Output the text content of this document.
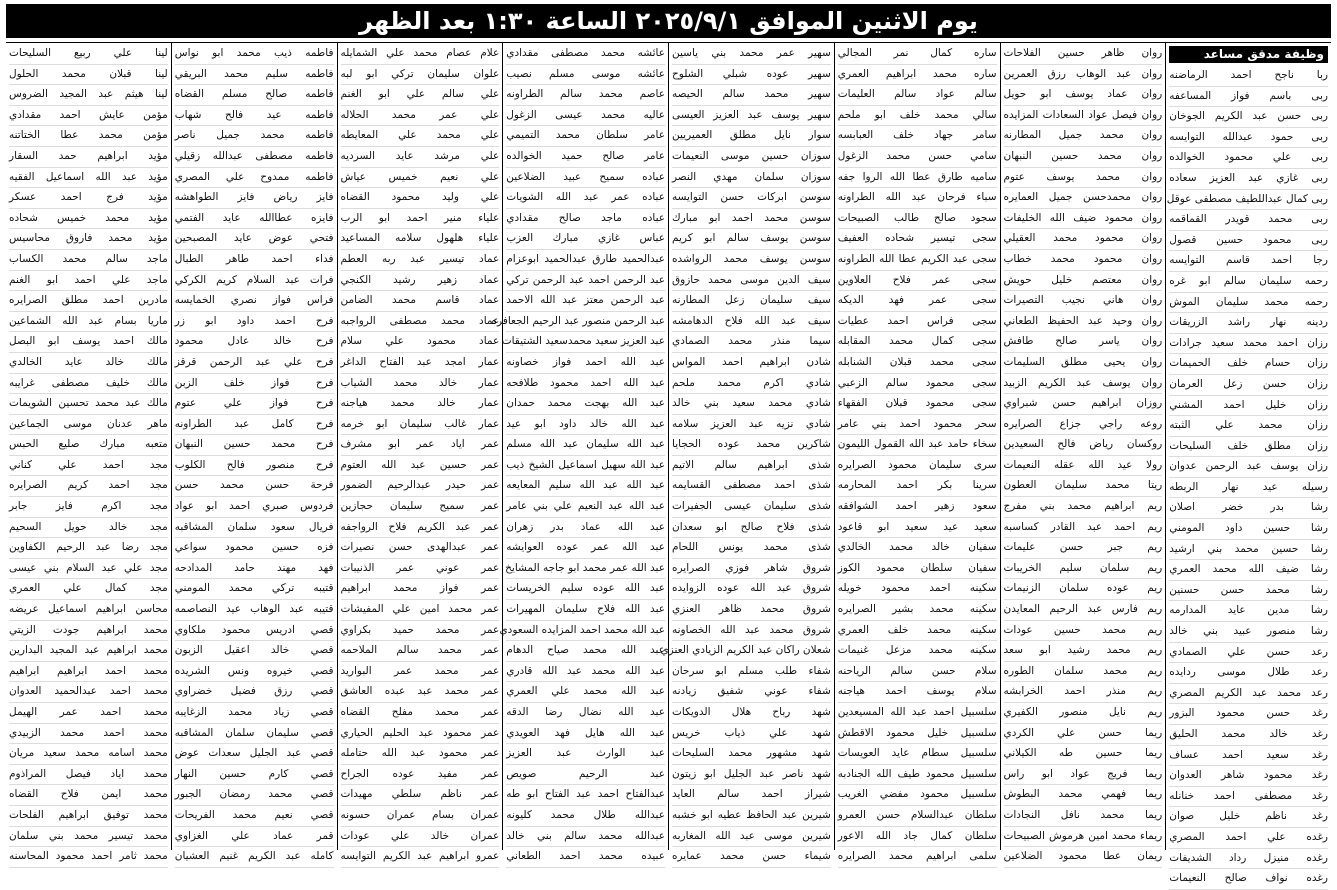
يوم الاثنين الموافق ٢٠٢٥/٩/١ الساعة ١:٣٠ بعد الظهر
وظيفة مدقق مساعد
ربا ناجح احمد الرماضنه
ربى باسم فواز المساعفه
ربى حسن عبد الكريم الجوخان
ربى حمود عبدالله التوايسه
ربى علي محمود الخوالده
ربى غازي عبد العزيز سعاده
ربى كمال عبداللطيف مصطفى عوقل
ربى محمد قويدر القماقمه
ربى محمود حسين قصول
رجا احمد قاسم التوايسه
رحمه سليمان سالم ابو غره
رحمه محمد سليمان الموش
ردينه نهار راشد الزريقات
رزان احمد محمد سعيد جرادات
رزان حسام خلف الحميمات
رزان حسن زعل العرمان
رزان خليل احمد المشني
رزان محمد علي الثبته
رزان مطلق خلف السليحات
رزان يوسف عبد الرحمن عدوان
رسيله عيد نهار الربطه
رشا بدر خضر اصلان
رشا حسين داود المومني
رشا حسين محمد بني ارشيد
رشا ضيف الله محمد العمري
رشا محمد حسن حسنين
رشا مدين عايد المدارمه
رشا منصور عبيد بني خالد
رعد حسن علي الصمادي
رعد طلال موسى ردايده
رعد محمد عبد الكريم المصري
رغد حسن محمود البزور
رغد خالد محمد الحليق
رغد سعيد احمد عساف
رغد محمود شاهر العدوان
رغد مصطفى احمد خنانله
رغد ناظم خليل صوان
رغده علي احمد المصري
رغده منيزل رداد الشديفات
رغده نواف صالح النعيمات
روان ظاهر حسين الفلاحات
روان عبد الوهاب رزق العمرين
روان عماد يوسف ابو حويل
روان فيصل عواد السعادات المزايده
روان محمد جميل المطارنه
روان محمد حسين النبهان
روان محمد يوسف عتوم
روان محمدحسن جميل العمايره
روان محمود ضيف الله الخليفات
روان محمود محمد العقيلي
روان محمود محمد خطاب
روان معتصم خليل حويش
روان هاني نجيب التصيرات
روان وحيد عبد الحفيظ الطعاني
روان ياسر صالح طافش
روان يحيى مطلق السليمات
روان يوسف عبد الكريم الزبيد
روزان ابراهيم حسن شبراوي
روعه راجي جزاع الصرايره
روكسان رياض فالح السعيدين
رولا عيد الله عقله النعيمات
ريتا محمد سليمان العطون
ريم ابراهيم محمد بني مفرج
ريم احمد عبد القادر كساسبه
ريم جبر حسن عليمات
ريم سلمان سليم الخريبات
ريم عوده سلمان الزنيمات
ريم فارس عبد الرحيم المعايدن
ريم محمد حسين عودات
ريم محمد رشيد ابو سعد
ريم محمد سلمان الطوره
ريم منذر احمد الخرابشه
ريم نايل منصور الكفيري
ريما حسن علي الكردي
ريما حسين طه الكيلاني
ريما فريج عواد ابو راس
ريما فهمي محمد البطوش
ريما محمد نافل النجادات
ريماء محمد امين هرموش الصبيحات
ريمان عطا محمود الضلاعين
ساره كمال نمر المجالي
ساره محمد ابراهيم العمري
سالم عواد سالم العليمات
سالي محمد خلف ابو ملحم
سامر جهاد خلف العبابسه
سامي حسن محمد الزغول
ساميه طارق عطا الله الروا جفه
سباء فرحان عبد الله الطراونه
سجود صالح طالب الصبيحات
سجى تيسير شحاده العفيف
سجى عبد الكريم عطا الله الطراونه
سجى عمر فلاح العلاوين
سجى عمر فهد الديكه
سجى فراس احمد عطيات
سجى كمال محمد المقابله
سجى محمد قبلان الشنابله
سجى محمود سالم الزعبي
سجى محمود قبلان الفقهاء
سحر محمود احمد بني عامر
سخاء حامد عبد الله القمول الليمون
سرى سليمان محمود الصرايره
سرينا بكر احمد المحارمه
سعود زهير احمد الشوافقه
سعيد عيد سعيد ابو قاعود
سفيان خالد محمد الخالدي
سفيان سلطان محمود الكوز
سكينه احمد محمود خويله
سكينه محمد بشير الصرايره
سكينه محمد خلف العمري
سكينه محمد مزعل غنيمات
سلام حسن سالم الرياحنه
سلام يوسف احمد هياجنه
سلسبيل احمد عبد الله المسيعدين
سلسبيل خليل محمود الاقطش
سلسبيل سطام عايد العويسات
سلسبيل محمود طيف الله الجنادبه
سلسبيل محمود مفضي الغريب
سلطان عبدالسلام حسن العمرو
سلطان كمال جاد الله الاعور
سلمى ابراهيم محمد الصرايره
سهير عمر محمد بني ياسين
سهير عوده شبلي الشلوح
سهير محمد سالم الحيصه
سهير يوسف عبد العزيز العيسى
سوار نايل مطلق العميريين
سوزان حسين موسى النعيمات
سوزان سلمان مهدي النصر
سوسن ابركات حسن التوايسه
سوسن محمد احمد ابو مبارك
سوسن يوسف سالم ابو كريم
سوسن يوسف محمد الرواشده
سيف الدين موسى محمد حازوق
سيف سليمان زعل المطارنه
سيف عبد الله فلاح الدهامشه
سيما منذر محمد الصمادي
شادن ابراهيم احمد المواس
شادي اكرم محمد ملحم
شادي محمد سعيد بني خالد
شادي نزيه عبد العزيز سلامه
شاكرين محمد عوده الحجايا
شذى ابراهيم سالم الاتيم
شذى احمد مصطفى القسايمه
شذى سليمان عيسى الجفيرات
شذى فلاح صالح ابو سعدان
شذى محمد يونس اللحام
شروق شاهر فوزي الصرايره
شروق عبد الله عوده الزوايده
شروق محمد ظاهر العنزي
شروق محمد عبد الله الخصاونه
شعلان راكان عبد الكريم الزيادي العنزي
شفاء طلب مسلم ابو سرحان
شفاء عوني شفيق زيادنه
شهد رباح هلال الدويكات
شهد علي ذياب خريس
شهد مشهور محمد السليحات
شهد ناصر عبد الجليل ابو زيتون
شيراز احمد سالم العايد
شيرين عبد الحافظ عطيه ابو خشبه
شيرين موسى عبد الله المغاربه
شيماء حسن محمد عمايره
عائشه محمد مصطفى مقدادي
عائشه موسى مسلم نصيب
عاصم محمد سالم الطراونه
عاليه محمد عيسى الزغول
عامر سلطان محمد التميمي
عامر صالح حميد الخوالده
عباده سميح عبيد الضلاعين
عباده عمر عبد الله الشويات
عباده ماجد صالح مقدادي
عباس غازي مبارك العزب
عبدالحميد طارق عبدالحميد ابوعزام
عبد الرحمن احمد عبد الرحمن تركي
عبد الرحمن معتز عبد الله الاحمد
عبد الرحمن منصور عبد الرحيم الجعافره
عبد العزيز سعيد محمدسعيد الشتيقات
عبد الله احمد فواز خصاونه
عبد الله احمد محمود طلافحه
عبد الله بهجت محمد حمدان
عبد الله خالد داود ابو عيد
عبد الله سليمان عبد الله مسلم
عبد الله سهيل اسماعيل الشيخ ذيب
عبد الله عبد الله سليم المعايعه
عبد الله عبد النعيم علي بني عامر
عبد الله عماد بدر زهران
عبد الله عمر عوده العوايشه
عبد الله عمر محمد ابو جاجه المشايخ
عبد الله عوده سليم الخريسات
عبد الله فلاح سليمان المهيرات
عبد الله محمد احمد المزايده السعودي
عبد الله محمد صياح الدهام
عبد الله محمد عبد الله قادري
عبد الله محمد علي العمري
عبد الله نضال رضا الدقه
عبد الله هايل فهد العويدي
عبد الوارث عبد العزيز
عبد الرحيم صويص
عبدالفتاح احمد عبد الفتاح ابو طه
عبدالله طلال محمد كليونه
عبدالله محمد سالم بني خالد
عبيده محمد احمد الطعاني
علام عصام محمد علي الشمايله
علوان سليمان تركي ابو لبه
علي سالم علي ابو الغنم
علي عمر محمد الحلاله
علي محمد علي المعايطه
علي مرشد عايد السرديه
علي نعيم خميس عياش
علي وليد محمود القضاه
علياء منير احمد ابو الرب
علياء هلهول سلامه المساعيد
عماد تيسير عبد ربه العطم
عماد زهير رشيد الكنجي
عماد قاسم محمد الضامن
عماد محمد مصطفى الرواجبه
عماد محمود علي سلام
عمار امجد عبد الفتاح الداغر
عمار خالد محمد الشياب
عمار خالد محمد هياجنه
عمار غالب سليمان ابو خرمه
عمر اياد عمر ابو مشرف
عمر حسين عبد الله العتوم
عمر حيدر عبدالرحيم الضمور
عمر سميح سليمان حجازين
عمر عبد الكريم فلاح الرواجفه
عمر عبدالهدى حسن نصيرات
عمر عوني عمر الذنيبات
عمر فواز محمد ابراهيم
عمر محمد امين علي المفيشات
عمر محمد حميد بكراوي
عمر محمد سالم الملاحمه
عمر محمد عمر البواريد
عمر محمد عبد عبده العاشق
عمر محمد مفلح القضاه
عمر محمود عبد الحليم الحياري
عمر محمود عبد الله حتامله
عمر مفيد عوده الجراح
عمر ناظم سلطي مهيدات
عمران بسام عمران حسونه
عمران خالد علي عودات
عمرو ابراهيم عبد الكريم التوايسه
فاطمه ذيب محمد ابو نواس
فاطمه سليم محمد البريقي
فاطمه صالح مسلم القضاه
فاطمه عيد فالح شهاب
فاطمه محمد جميل ناصر
فاطمه مصطفى عبدالله زقيلي
فاطمه ممدوح علي المصري
فايز رياض فايز الطواهشه
فايزه عطاالله عايد الفتمي
فتحي عوض عايد المصبحين
فداء احمد طاهر الطبال
فرات عبد السلام كريم الكركي
فراس فواز نصري الخمايسه
فرح احمد داود ابو زر
فرح خالد عادل محمود
فرح علي عبد الرحمن قرقز
فرح فواز خلف الزبن
فرح فواز علي عتوم
فرح كامل عبد الطراونه
فرح محمد حسين النبهان
فرح منصور فالح الكلوب
فرحة حسن محمد حسن
فردوس صبري احمد ابو عواد
فريال سعود سلمان المشاقبه
فزه حسين محمود سواعي
فهد مهند حامد المدادحه
قتيبه تركي محمد المومني
قتيبه عبد الوهاب عيد النصاصمه
قصي ادريس محمود ملكاوي
قصي خالد اعقيل الزبون
قصي خيروه ونس الشريده
قصي رزق فضيل خضراوي
قصي زياد محمد الزغايبه
قصي سليمان سلمان المشاقبه
قصي عبد الجليل سعدات عوض
قصي كارم حسين النهار
قصي محمد رمضان الجبور
قصي نعيم محمد الفريحات
قمر عماد علي الغزاوي
كامله عبد الكريم غنيم العشيان
لينا علي ربيع السليحات
لينا قبلان محمد الحلول
لينا هيثم عبد المجيد الضروس
مؤمن عايش احمد مقدادي
مؤمن محمد عطا الختاتنه
مؤيد ابراهيم حمد السقار
مؤيد عبد الله اسماعيل الفقيه
مؤيد فرج احمد عسكر
مؤيد محمد خميس شحاده
مؤيد محمد فاروق محاسيس
ماجد سالم محمد الكساب
ماجد علي احمد ابو الغنم
مادرين احمد مطلق الصرايره
ماريا بسام عبد الله الشماعين
مالك احمد يوسف ابو البصل
مالك خالد عايد الخالدي
مالك خليف مصطفى غرايبه
مالك عبد محمد تحسين الشويمات
ماهر عدنان موسى الجماعين
متعبه مبارك صليع الحبس
مجد احمد علي كناني
مجد احمد كريم الصرايره
مجد اكرم فايز جابر
مجد خالد حويل السحيم
مجد رضا عبد الرحيم الكفاوين
مجد علي عبد السلام بني عيسى
مجد كمال علي العمري
محاسن ابراهيم اسماعيل عريضه
محمد ابراهيم جودت الزيتي
محمد ابراهيم عبد المجيد البدارين
محمد احمد ابراهيم ابراهيم
محمد احمد عبدالحميد العدوان
محمد احمد عمر الهيمل
محمد احمد محمد الزبيدي
محمد اسامه محمد سعيد مريان
محمد اياد فيصل المراذوم
محمد ايمن فلاح القضاه
محمد توفيق ابراهيم الفلحات
محمد تيسير محمد بني سلمان
محمد ثامر احمد محمود المحاسنه
